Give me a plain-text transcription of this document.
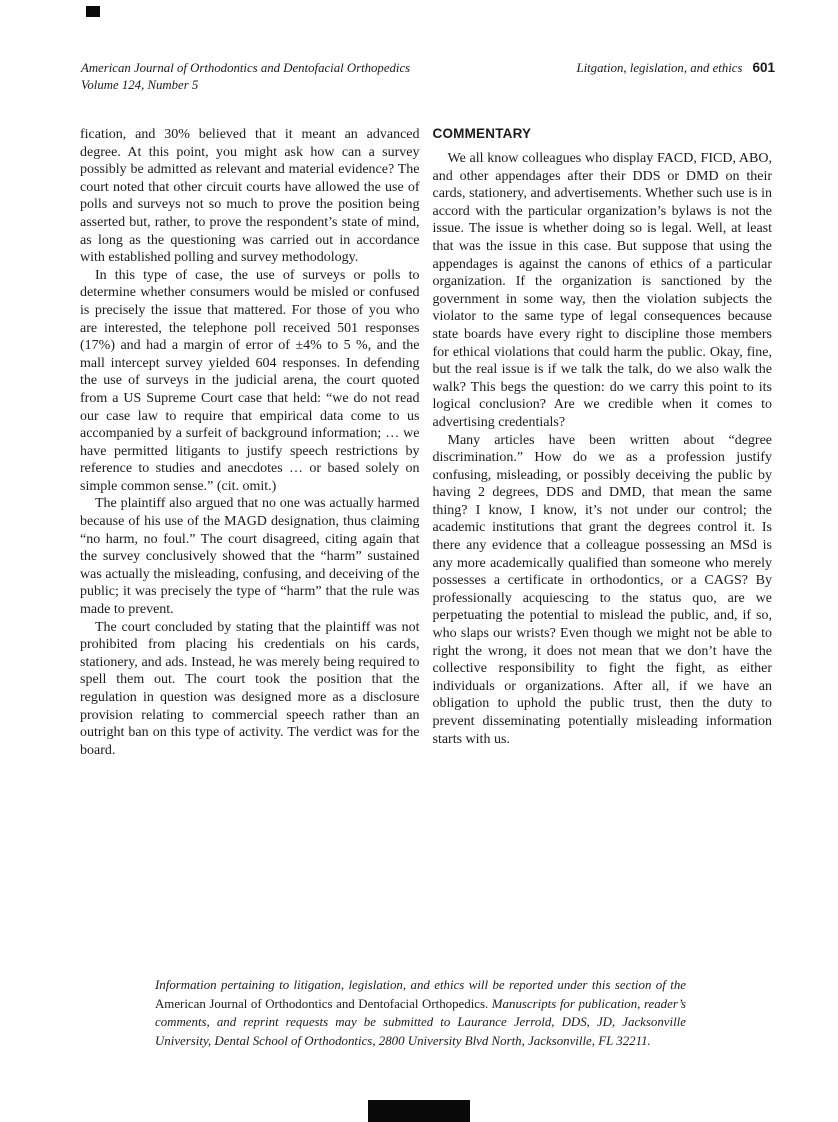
American Journal of Orthodontics and Dentofacial Orthopedics
Volume 124, Number 5
Litgation, legislation, and ethics 601

fication, and 30% believed that it meant an advanced degree. At this point, you might ask how can a survey possibly be admitted as relevant and material evidence? The court noted that other circuit courts have allowed the use of polls and surveys not so much to prove the position being asserted but, rather, to prove the respondent’s state of mind, as long as the questioning was carried out in accordance with established polling and survey methodology.

In this type of case, the use of surveys or polls to determine whether consumers would be misled or confused is precisely the issue that mattered. For those of you who are interested, the telephone poll received 501 responses (17%) and had a margin of error of ±4% to 5 %, and the mall intercept survey yielded 604 responses. In defending the use of surveys in the judicial arena, the court quoted from a US Supreme Court case that held: “we do not read our case law to require that empirical data come to us accompanied by a surfeit of background information; … we have permitted litigants to justify speech restrictions by reference to studies and anecdotes … or based solely on simple common sense.” (cit. omit.)

The plaintiff also argued that no one was actually harmed because of his use of the MAGD designation, thus claiming “no harm, no foul.” The court disagreed, citing again that the survey conclusively showed that the “harm” sustained was actually the misleading, confusing, and deceiving of the public; it was precisely the type of “harm” that the rule was made to prevent.

The court concluded by stating that the plaintiff was not prohibited from placing his credentials on his cards, stationery, and ads. Instead, he was merely being required to spell them out. The court took the position that the regulation in question was designed more as a disclosure provision relating to commercial speech rather than an outright ban on this type of activity. The verdict was for the board.

COMMENTARY

We all know colleagues who display FACD, FICD, ABO, and other appendages after their DDS or DMD on their cards, stationery, and advertisements. Whether such use is in accord with the particular organization’s bylaws is not the issue. The issue is whether doing so is legal. Well, at least that was the issue in this case. But suppose that using the appendages is against the canons of ethics of a particular organization. If the organization is sanctioned by the government in some way, then the violation subjects the violator to the same type of legal consequences because state boards have every right to discipline those members for ethical violations that could harm the public. Okay, fine, but the real issue is if we talk the talk, do we also walk the walk? This begs the question: do we carry this point to its logical conclusion? Are we credible when it comes to advertising credentials?

Many articles have been written about “degree discrimination.” How do we as a profession justify confusing, misleading, or possibly deceiving the public by having 2 degrees, DDS and DMD, that mean the same thing? I know, I know, it’s not under our control; the academic institutions that grant the degrees control it. Is there any evidence that a colleague possessing an MSd is any more academically qualified than someone who merely possesses a certificate in orthodontics, or a CAGS? By professionally acquiescing to the status quo, are we perpetuating the potential to mislead the public, and, if so, who slaps our wrists? Even though we might not be able to right the wrong, it does not mean that we don’t have the collective responsibility to fight the fight, as either individuals or organizations. After all, if we have an obligation to uphold the public trust, then the duty to prevent disseminating potentially misleading information starts with us.

Information pertaining to litigation, legislation, and ethics will be reported under this section of the American Journal of Orthodontics and Dentofacial Orthopedics. Manuscripts for publication, reader’s comments, and reprint requests may be submitted to Laurance Jerrold, DDS, JD, Jacksonville University, Dental School of Orthodontics, 2800 University Blvd North, Jacksonville, FL 32211.
